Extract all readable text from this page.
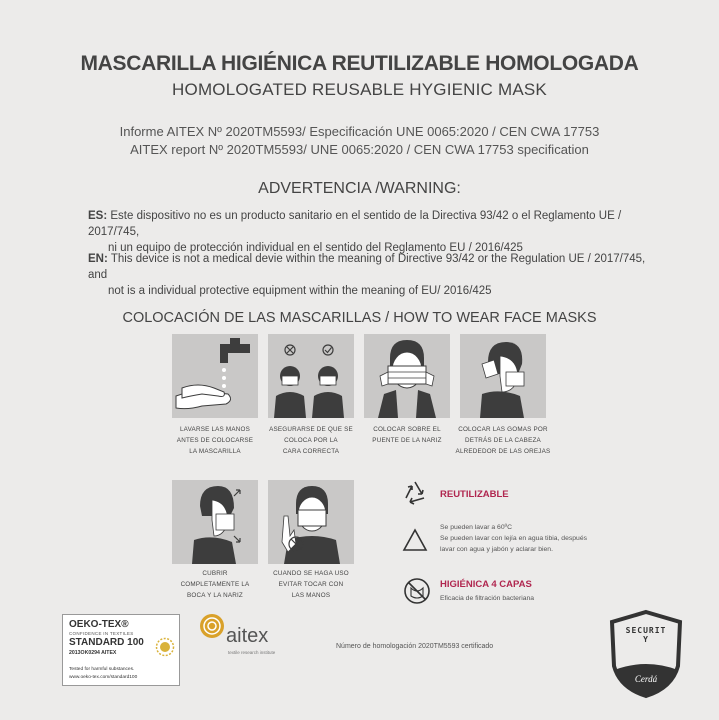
MASCARILLA HIGIÉNICA REUTILIZABLE HOMOLOGADA
HOMOLOGATED REUSABLE HYGIENIC MASK
Informe AITEX Nº 2020TM5593/ Especificación UNE 0065:2020 / CEN CWA 17753
AITEX report Nº 2020TM5593/ UNE 0065:2020 / CEN CWA 17753 specification
ADVERTENCIA /WARNING:
ES: Este dispositivo no es un producto sanitario en el sentido de la Directiva 93/42 o el Reglamento UE / 2017/745,
ni un equipo de protección individual en el sentido del Reglamento EU / 2016/425
EN: This device is not a medical devie within the meaning of Directive 93/42 or the Regulation UE / 2017/745, and
not is a individual protective equipment within the meaning of EU/ 2016/425
COLOCACIÓN DE LAS MASCARILLAS / HOW TO WEAR FACE MASKS
LAVARSE LAS MANOS
ANTES DE COLOCARSE
LA MASCARILLA
ASEGURARSE DE QUE SE
COLOCA POR LA
CARA CORRECTA
COLOCAR SOBRE EL
PUENTE DE LA NARIZ
COLOCAR LAS GOMAS POR
DETRÁS DE LA CABEZA
ALREDEDOR DE LAS OREJAS
CUBRIR
COMPLETAMENTE LA
BOCA Y LA NARIZ
CUANDO SE HAGA USO
EVITAR TOCAR CON
LAS MANOS
REUTILIZABLE
Se pueden lavar a 60ºC
Se pueden lavar con lejía en agua tibia, después
lavar con agua y jabón y aclarar bien.
HIGIÉNICA 4 CAPAS
Eficacia de filtración bacteriana
OEKO-TEX®
CONFIDENCE IN TEXTILES
STANDARD 100
2013OK0294 AITEX
Tested for harmful substances.
www.oeko-tex.com/standard100
aitex
textile research institute
Número de homologación 2020TM5593 certificado
SECURITY
Cerdá
